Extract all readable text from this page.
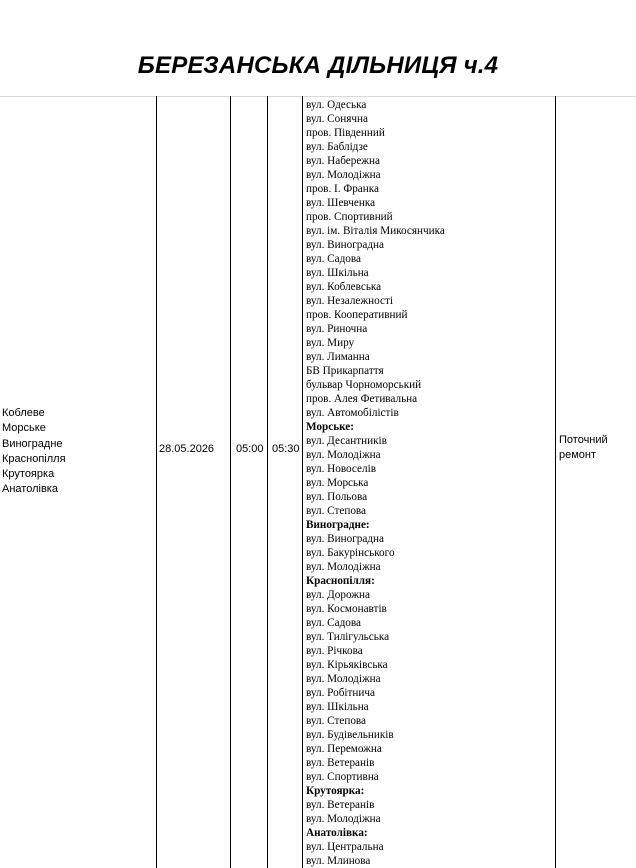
БЕРЕЗАНСЬКА ДІЛЬНИЦЯ ч.4
Коблеве
Морське
Виноградне
Краснопілля
Крутоярка
Анатолівка
28.05.2026 05:00 05:30
вул. Одеська
вул. Сонячна
пров. Південний
вул. Баблідзе
вул. Набережна
вул. Молодіжна
пров. І. Франка
вул. Шевченка
пров. Спортивний
вул. ім. Віталія Микосянчика
вул. Виноградна
вул. Садова
вул. Шкільна
вул. Коблевська
вул. Незалежності
пров. Кооперативний
вул. Риночна
вул. Миру
вул. Лиманна
БВ Прикарпаття
бульвар Чорноморський
пров. Алея Фетивальна
вул. Автомобілістів
Морське:
вул. Десантників
вул. Молодіжна
вул. Новоселів
вул. Морська
вул. Польова
вул. Степова
Виноградне:
вул. Виноградна
вул. Бакурінського
вул. Молодіжна
Краснопілля:
вул. Дорожна
вул. Космонавтів
вул. Садова
вул. Тилігульська
вул. Річкова
вул. Кірьяківська
вул. Молодіжна
вул. Робітнича
вул. Шкільна
вул. Степова
вул. Будівельників
вул. Переможна
вул. Ветеранів
вул. Спортивна
Крутоярка:
вул. Ветеранів
вул. Молодіжна
Анатолівка:
вул. Центральна
вул. Млинова
Поточний
ремонт
